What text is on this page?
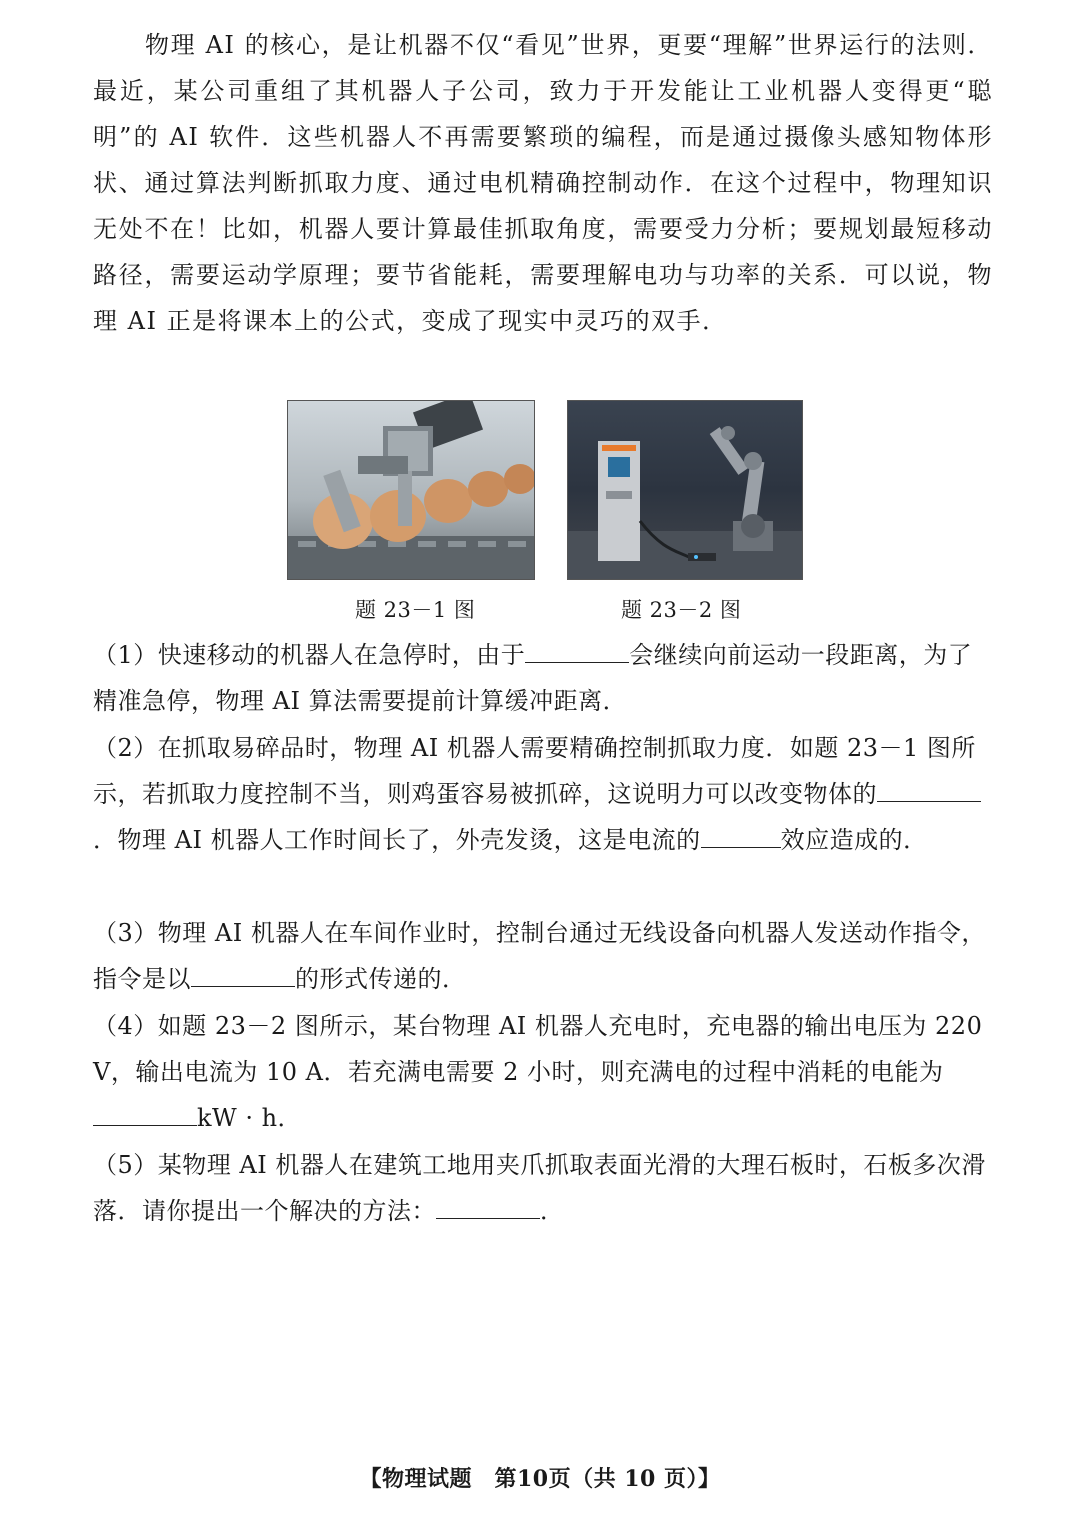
物理 AI 的核心，是让机器不仅“看见”世界，更要“理解”世界运行的法则．最近，某公司重组了其机器人子公司，致力于开发能让工业机器人变得更“聪明”的 AI 软件．这些机器人不再需要繁琐的编程，而是通过摄像头感知物体形状、通过算法判断抓取力度、通过电机精确控制动作．在这个过程中，物理知识无处不在！比如，机器人要计算最佳抓取角度，需要受力分析；要规划最短移动路径，需要运动学原理；要节省能耗，需要理解电功与功率的关系．可以说，物理 AI 正是将课本上的公式，变成了现实中灵巧的双手．

题 23－1 图	题 23－2 图

（1）快速移动的机器人在急停时，由于	会继续向前运动一段距离，为了精准急停，物理 AI 算法需要提前计算缓冲距离．

（2）在抓取易碎品时，物理 AI 机器人需要精确控制抓取力度．如题 23－1 图所示，若抓取力度控制不当，则鸡蛋容易被抓碎，这说明力可以改变物体的．物理 AI 机器人工作时间长了，外壳发烫，这是电流的	效应造成的．

（3）物理 AI 机器人在车间作业时，控制台通过无线设备向机器人发送动作指令，指令是以	的形式传递的．

（4）如题 23－2 图所示，某台物理 AI 机器人充电时，充电器的输出电压为 220 V，输出电流为 10 A．若充满电需要 2 小时，则充满电的过程中消耗的电能为kW · h．

（5）某物理 AI 机器人在建筑工地用夹爪抓取表面光滑的大理石板时，石板多次滑落．请你提出一个解决的方法：	．

【物理试题　第10页（共 10 页）】
